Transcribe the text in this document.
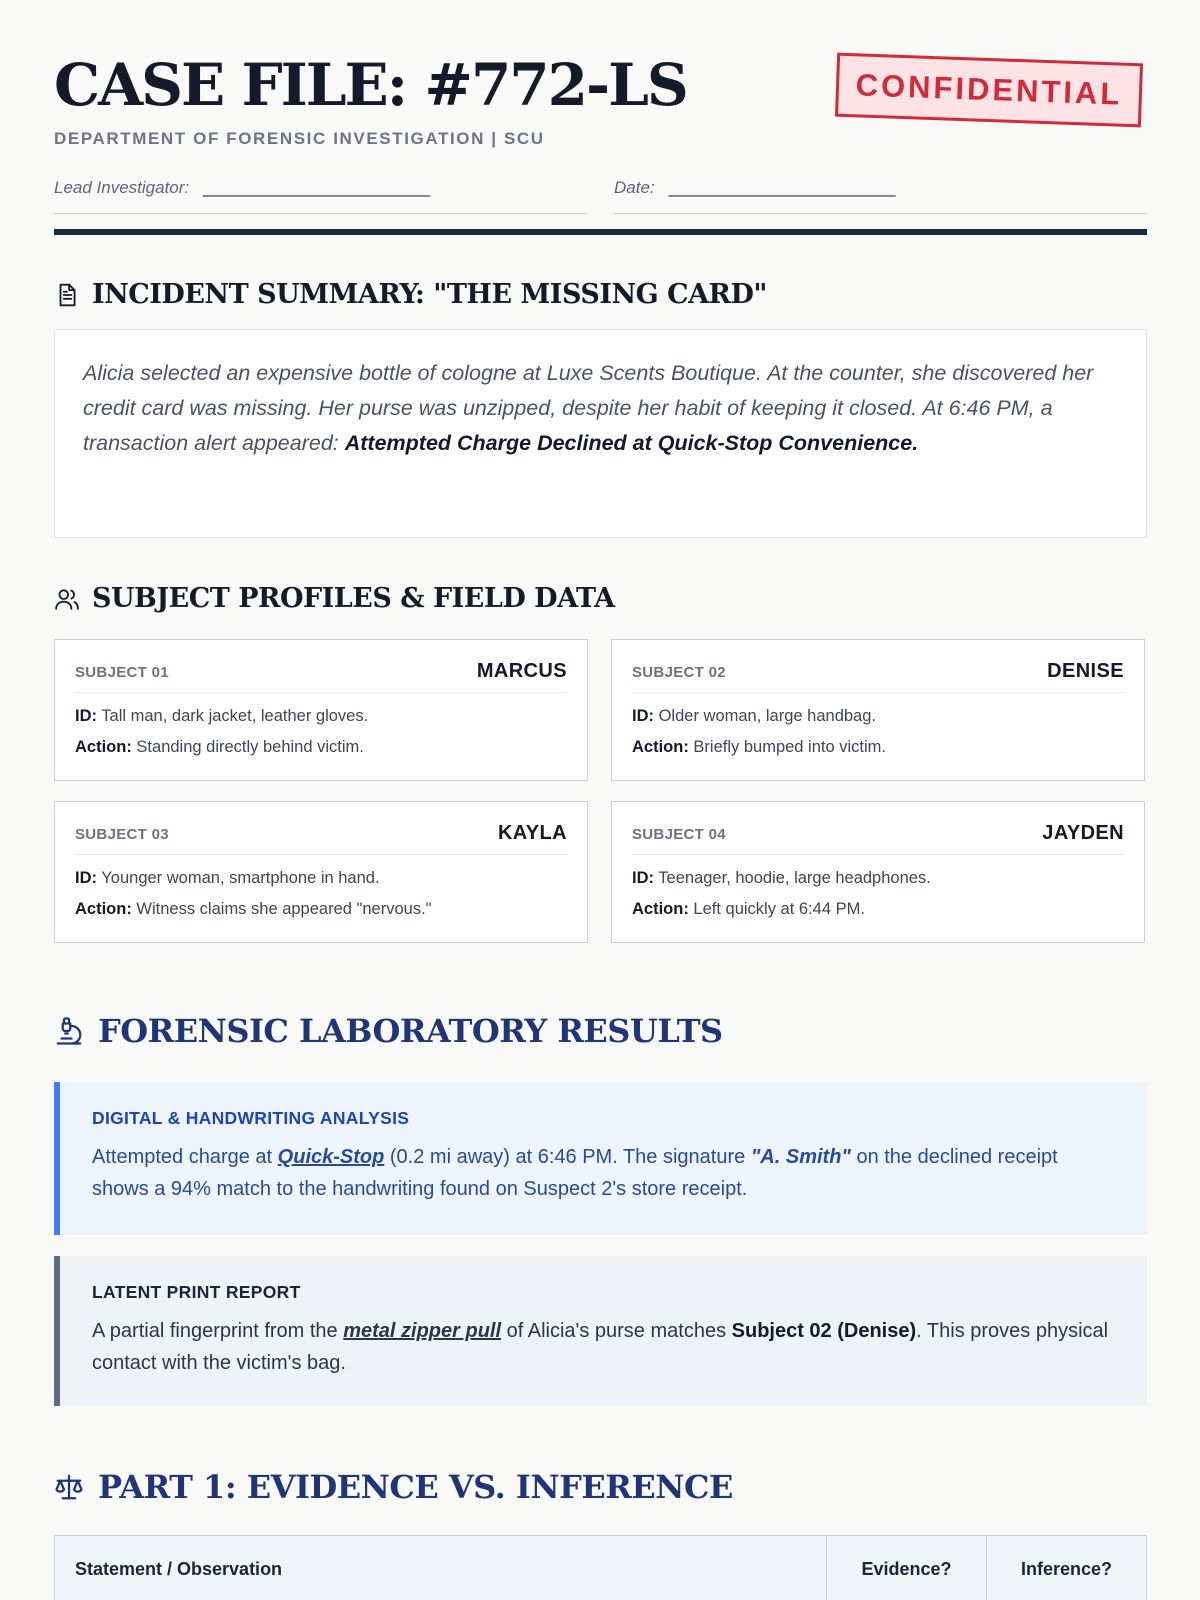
CASE FILE: #772-LS
DEPARTMENT OF FORENSIC INVESTIGATION | SCU
CONFIDENTIAL
Lead Investigator: ________________________	Date: ________________________
INCIDENT SUMMARY: "THE MISSING CARD"
Alicia selected an expensive bottle of cologne at Luxe Scents Boutique. At the counter, she discovered her credit card was missing. Her purse was unzipped, despite her habit of keeping it closed. At 6:46 PM, a transaction alert appeared: Attempted Charge Declined at Quick-Stop Convenience.
SUBJECT PROFILES & FIELD DATA
SUBJECT 01	MARCUS
ID: Tall man, dark jacket, leather gloves.
Action: Standing directly behind victim.
SUBJECT 02	DENISE
ID: Older woman, large handbag.
Action: Briefly bumped into victim.
SUBJECT 03	KAYLA
ID: Younger woman, smartphone in hand.
Action: Witness claims she appeared "nervous."
SUBJECT 04	JAYDEN
ID: Teenager, hoodie, large headphones.
Action: Left quickly at 6:44 PM.
FORENSIC LABORATORY RESULTS
DIGITAL & HANDWRITING ANALYSIS
Attempted charge at Quick-Stop (0.2 mi away) at 6:46 PM. The signature "A. Smith" on the declined receipt shows a 94% match to the handwriting found on Suspect 2's store receipt.
LATENT PRINT REPORT
A partial fingerprint from the metal zipper pull of Alicia's purse matches Subject 02 (Denise). This proves physical contact with the victim's bag.
PART 1: EVIDENCE VS. INFERENCE
Statement / Observation	Evidence?	Inference?
